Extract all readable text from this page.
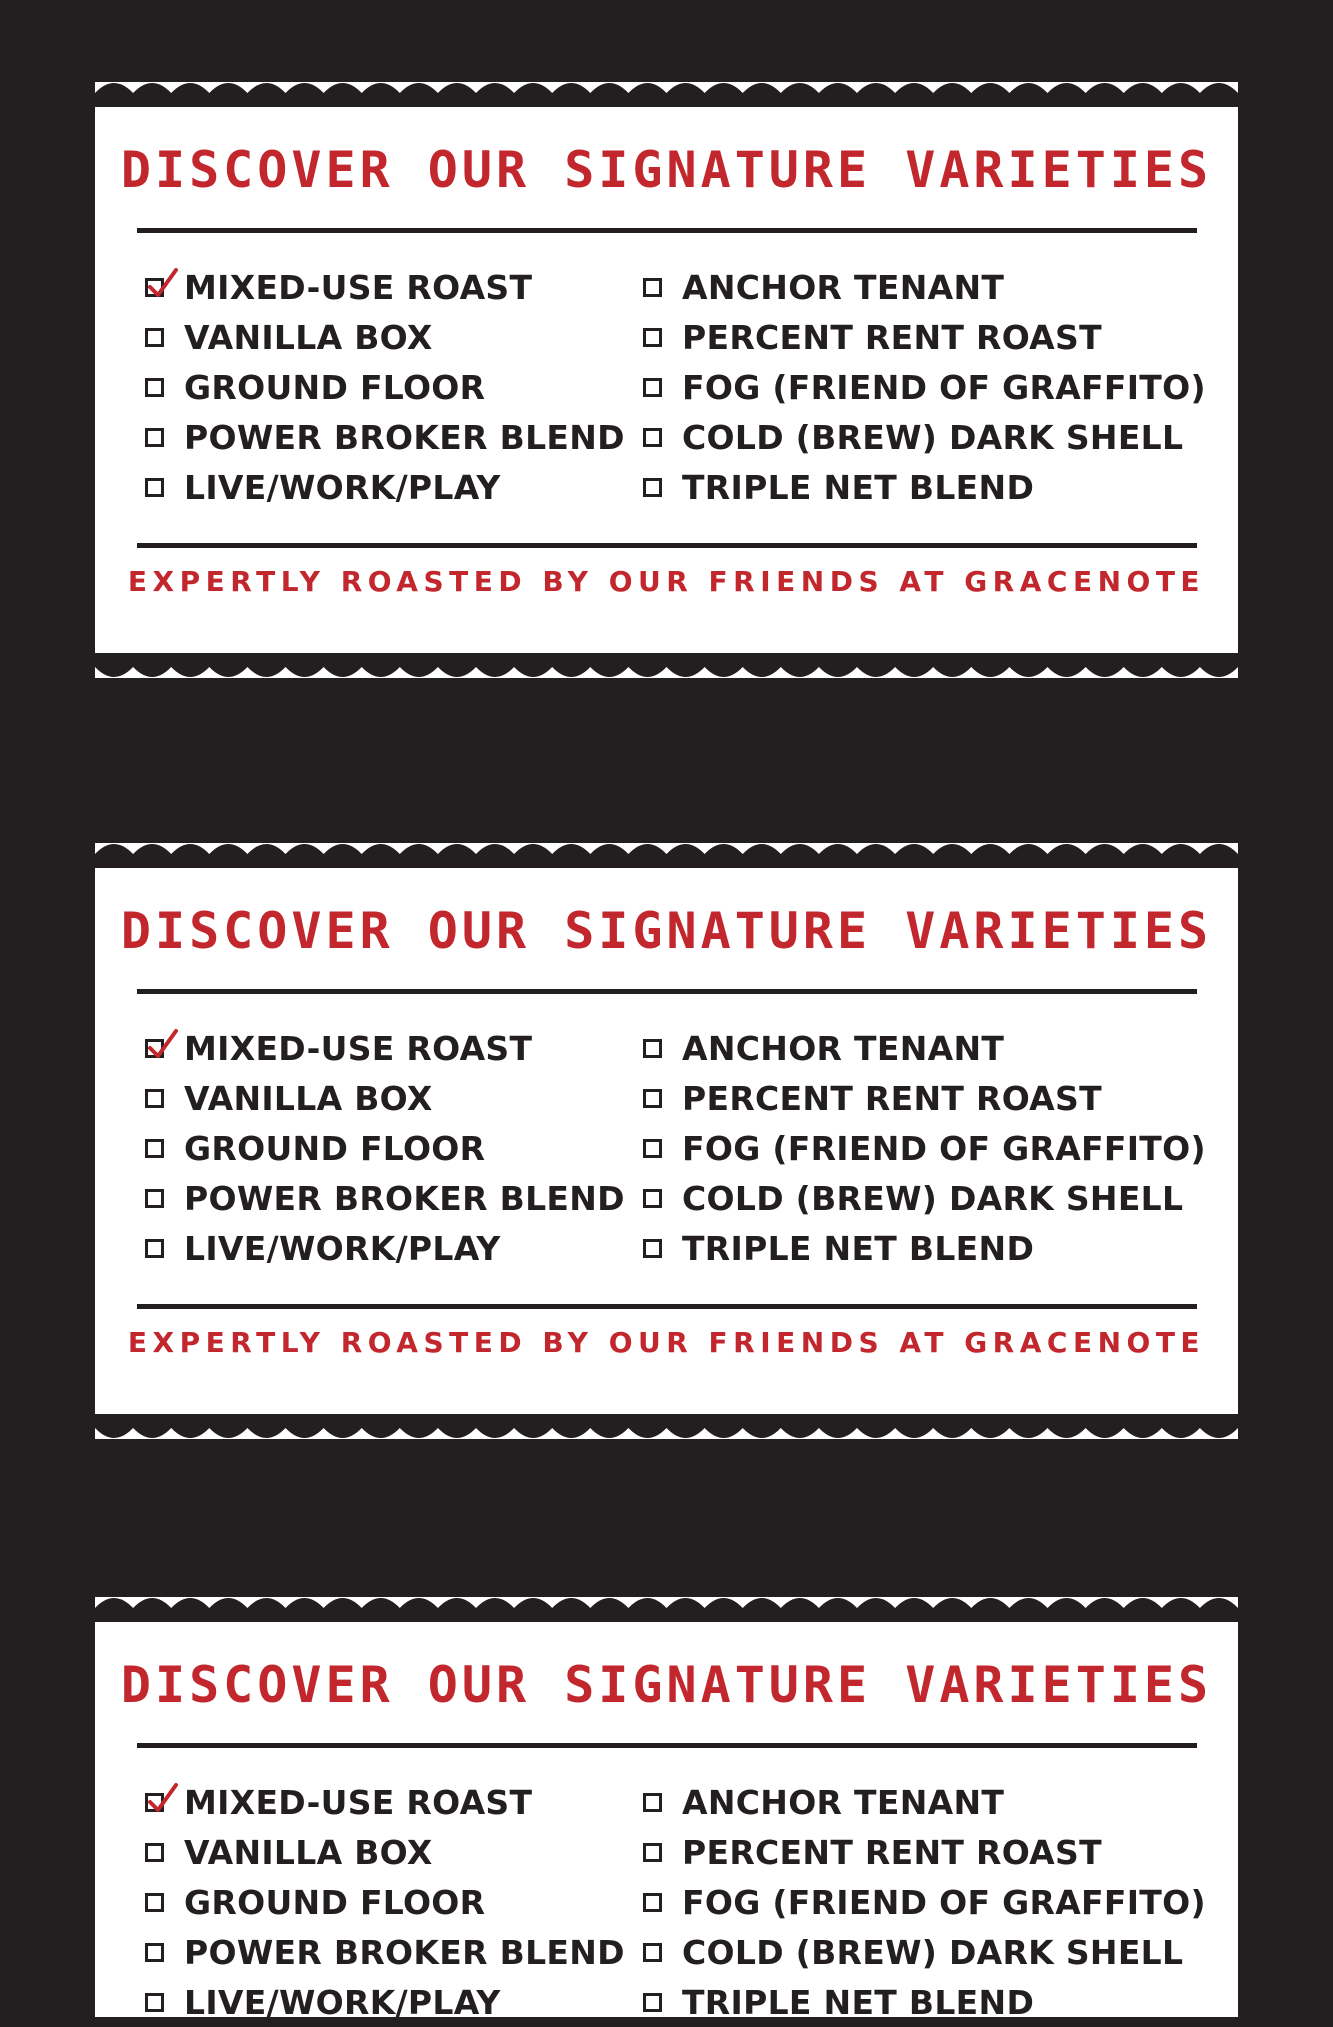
DISCOVER OUR SIGNATURE VARIETIES
MIXED-USE ROAST
VANILLA BOX
GROUND FLOOR
POWER BROKER BLEND
LIVE/WORK/PLAY
ANCHOR TENANT
PERCENT RENT ROAST
FOG (FRIEND OF GRAFFITO)
COLD (BREW) DARK SHELL
TRIPLE NET BLEND
EXPERTLY ROASTED BY OUR FRIENDS AT GRACENOTE
DISCOVER OUR SIGNATURE VARIETIES
MIXED-USE ROAST
VANILLA BOX
GROUND FLOOR
POWER BROKER BLEND
LIVE/WORK/PLAY
ANCHOR TENANT
PERCENT RENT ROAST
FOG (FRIEND OF GRAFFITO)
COLD (BREW) DARK SHELL
TRIPLE NET BLEND
EXPERTLY ROASTED BY OUR FRIENDS AT GRACENOTE
DISCOVER OUR SIGNATURE VARIETIES
MIXED-USE ROAST
VANILLA BOX
GROUND FLOOR
POWER BROKER BLEND
LIVE/WORK/PLAY
ANCHOR TENANT
PERCENT RENT ROAST
FOG (FRIEND OF GRAFFITO)
COLD (BREW) DARK SHELL
TRIPLE NET BLEND
